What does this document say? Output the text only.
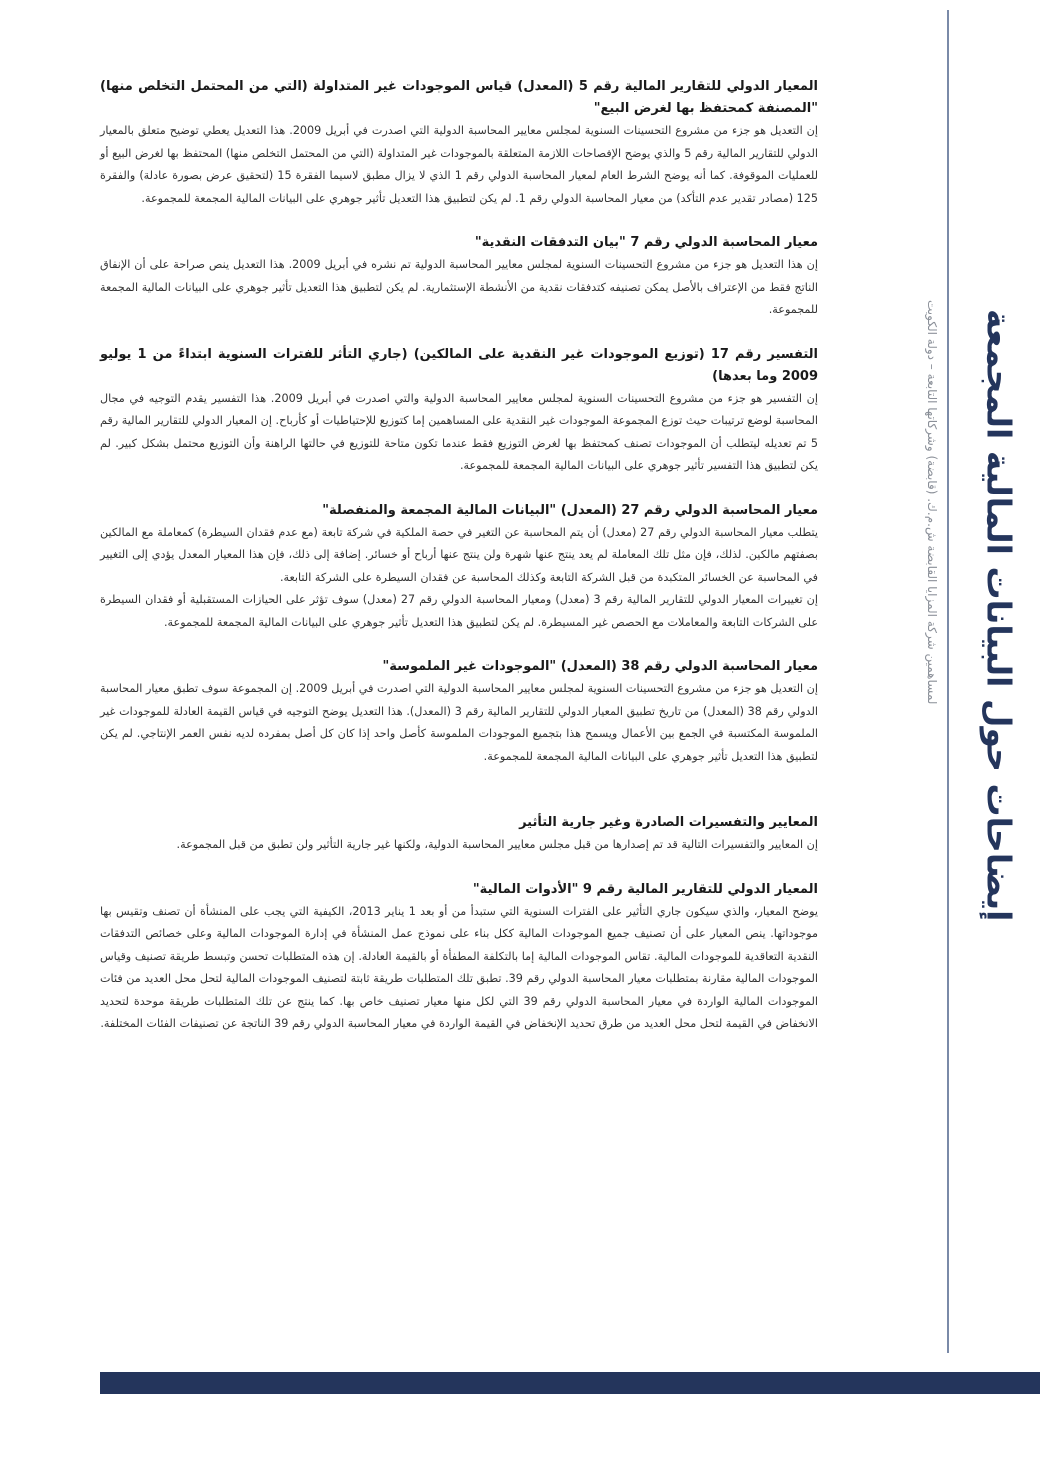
إيضاحات حول البيانات المالية المجمعة
لمساهمين شركة المزايا القابضة ش.م.ك. (قابضة) وشركاتها التابعة – دولة الكويت

المعيار الدولي للتقارير المالية رقم 5 (المعدل) قياس الموجودات غير المتداولة (التي من المحتمل التخلص منها) "المصنفة كمحتفظ بها لغرض البيع"

إن التعديل هو جزء من مشروع التحسينات السنوية لمجلس معايير المحاسبة الدولية التي اصدرت في أبريل 2009. هذا التعديل يعطي توضيح متعلق بالمعيار الدولي للتقارير المالية رقم 5 والذي يوضح الإفصاحات اللازمة المتعلقة بالموجودات غير المتداولة (التي من المحتمل التخلص منها) المحتفظ بها لغرض البيع أو للعمليات الموقوفة. كما أنه يوضح الشرط العام لمعيار المحاسبة الدولي رقم 1 الذي لا يزال مطبق لاسيما الفقرة 15 (لتحقيق عرض بصورة عادلة) والفقرة 125 (مصادر تقدير عدم التأكد) من معيار المحاسبة الدولي رقم 1. لم يكن لتطبيق هذا التعديل تأثير جوهري على البيانات المالية المجمعة للمجموعة.

معيار المحاسبة الدولي رقم 7 "بيان التدفقات النقدية"

إن هذا التعديل هو جزء من مشروع التحسينات السنوية لمجلس معايير المحاسبة الدولية تم نشره في أبريل 2009. هذا التعديل ينص صراحة على أن الإنفاق الناتج فقط من الإعتراف بالأصل يمكن تصنيفه كتدفقات نقدية من الأنشطة الإستثمارية. لم يكن لتطبيق هذا التعديل تأثير جوهري على البيانات المالية المجمعة للمجموعة.

التفسير رقم 17 (توزيع الموجودات غير النقدية على المالكين) (جاري التأثر للفترات السنوية ابتداءً من 1 يوليو 2009 وما بعدها)

إن التفسير هو جزء من مشروع التحسينات السنوية لمجلس معايير المحاسبة الدولية والتي اصدرت في أبريل 2009. هذا التفسير يقدم التوجيه في مجال المحاسبة لوضع ترتيبات حيث توزع المجموعة الموجودات غير النقدية على المساهمين إما كتوزيع للإحتياطيات أو كأرباح. إن المعيار الدولي للتقارير المالية رقم 5 تم تعديله ليتطلب أن الموجودات تصنف كمحتفظ بها لغرض التوزيع فقط عندما تكون متاحة للتوزيع في حالتها الراهنة وأن التوزيع محتمل بشكل كبير. لم يكن لتطبيق هذا التفسير تأثير جوهري على البيانات المالية المجمعة للمجموعة.

معيار المحاسبة الدولي رقم 27 (المعدل) "البيانات المالية المجمعة والمنفصلة"

يتطلب معيار المحاسبة الدولي رقم 27 (معدل) أن يتم المحاسبة عن التغير في حصة الملكية في شركة تابعة (مع عدم فقدان السيطرة) كمعاملة مع المالكين بصفتهم مالكين. لذلك، فإن مثل تلك المعاملة لم يعد ينتج عنها شهرة ولن ينتج عنها أرباح أو خسائر. إضافة إلى ذلك، فإن هذا المعيار المعدل يؤدي إلى التغيير في المحاسبة عن الخسائر المتكبدة من قبل الشركة التابعة وكذلك المحاسبة عن فقدان السيطرة على الشركة التابعة.

إن تغييرات المعيار الدولي للتقارير المالية رقم 3 (معدل) ومعيار المحاسبة الدولي رقم 27 (معدل) سوف تؤثر على الحيازات المستقبلية أو فقدان السيطرة على الشركات التابعة والمعاملات مع الحصص غير المسيطرة. لم يكن لتطبيق هذا التعديل تأثير جوهري على البيانات المالية المجمعة للمجموعة.

معيار المحاسبة الدولي رقم 38 (المعدل) "الموجودات غير الملموسة"

إن التعديل هو جزء من مشروع التحسينات السنوية لمجلس معايير المحاسبة الدولية التي اصدرت في أبريل 2009. إن المجموعة سوف تطبق معيار المحاسبة الدولي رقم 38 (المعدل) من تاريخ تطبيق المعيار الدولي للتقارير المالية رقم 3 (المعدل). هذا التعديل يوضح التوجيه في قياس القيمة العادلة للموجودات غير الملموسة المكتسبة في الجمع بين الأعمال ويسمح هذا بتجميع الموجودات الملموسة كأصل واحد إذا كان كل أصل بمفرده لديه نفس العمر الإنتاجي. لم يكن لتطبيق هذا التعديل تأثير جوهري على البيانات المالية المجمعة للمجموعة.

المعايير والتفسيرات الصادرة وغير جارية التأثير

إن المعايير والتفسيرات التالية قد تم إصدارها من قبل مجلس معايير المحاسبة الدولية، ولكنها غير جارية التأثير ولن تطبق من قبل المجموعة.

المعيار الدولي للتقارير المالية رقم 9 "الأدوات المالية"

يوضح المعيار، والذي سيكون جاري التأثير على الفترات السنوية التي ستبدأ من أو بعد 1 يناير 2013، الكيفية التي يجب على المنشأة أن تصنف وتقيس بها موجوداتها. ينص المعيار على أن تصنيف جميع الموجودات المالية ككل بناء على نموذج عمل المنشأة في إدارة الموجودات المالية وعلى خصائص التدفقات النقدية التعاقدية للموجودات المالية. تقاس الموجودات المالية إما بالتكلفة المطفأة أو بالقيمة العادلة. إن هذه المتطلبات تحسن وتبسط طريقة تصنيف وقياس الموجودات المالية مقارنة بمتطلبات معيار المحاسبة الدولي رقم 39. تطبق تلك المتطلبات طريقة ثابتة لتصنيف الموجودات المالية لتحل محل العديد من فئات الموجودات المالية الواردة في معيار المحاسبة الدولي رقم 39 التي لكل منها معيار تصنيف خاص بها. كما ينتج عن تلك المتطلبات طريقة موحدة لتحديد الانخفاض في القيمة لتحل محل العديد من طرق تحديد الإنخفاض في القيمة الواردة في معيار المحاسبة الدولي رقم 39 الناتجة عن تصنيفات الفئات المختلفة.
